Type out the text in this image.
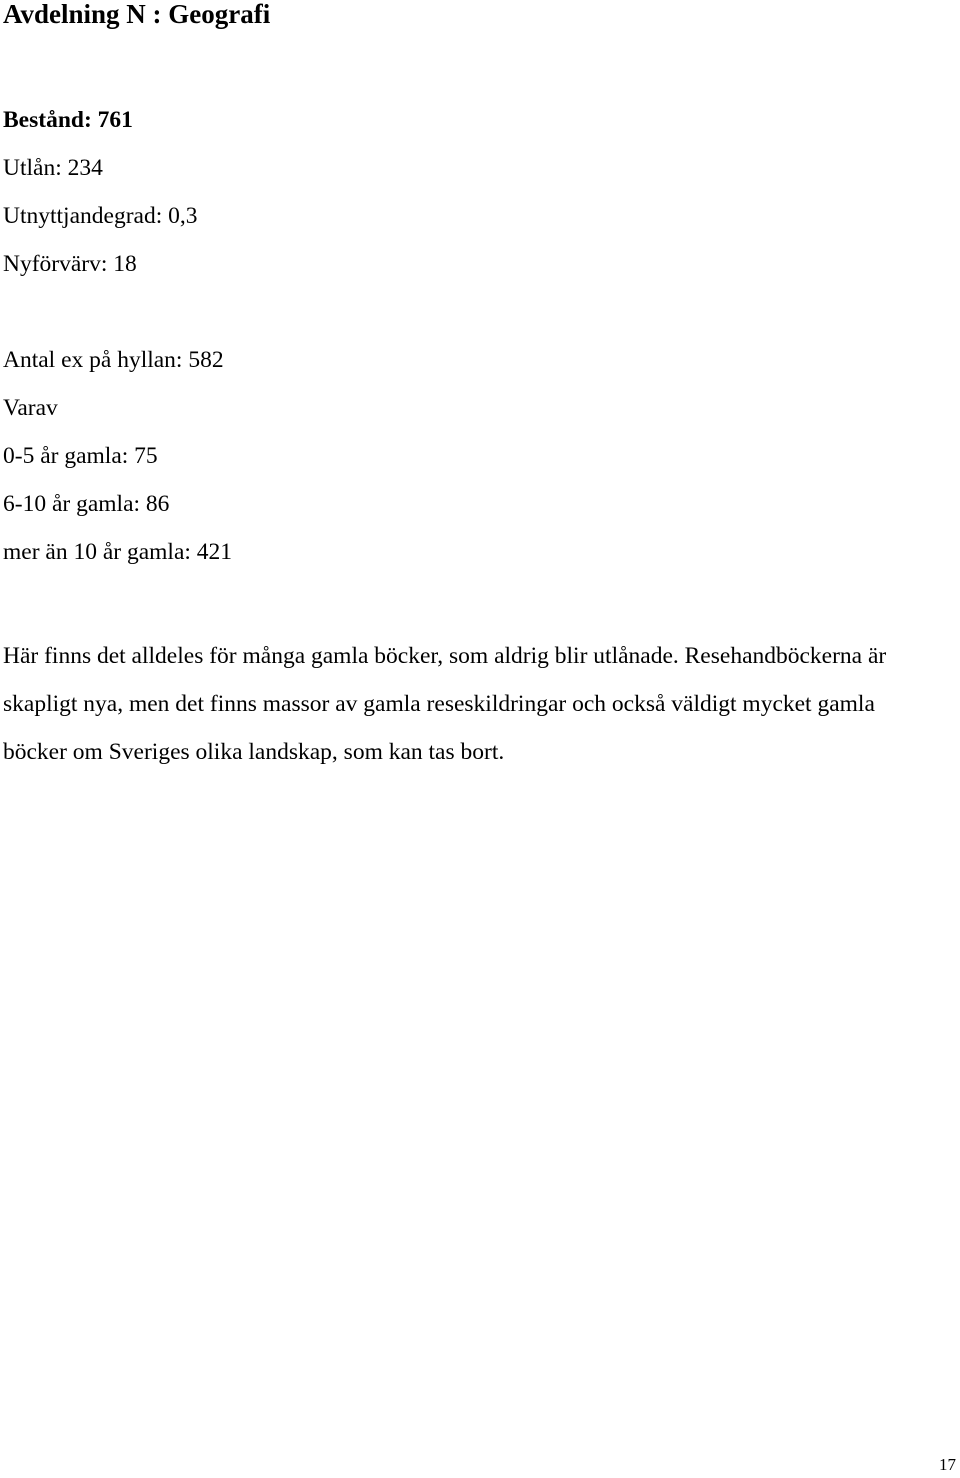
Avdelning N : Geografi

Bestånd: 761

Utlån: 234

Utnyttjandegrad: 0,3

Nyförvärv: 18

Antal ex på hyllan: 582

Varav

0-5 år gamla: 75

6-10 år gamla: 86

mer än 10 år gamla: 421

Här finns det alldeles för många gamla böcker, som aldrig blir utlånade. Resehandböckerna är skapligt nya, men det finns massor av gamla reseskildringar och också väldigt mycket gamla böcker om Sveriges olika landskap, som kan tas bort.

17
